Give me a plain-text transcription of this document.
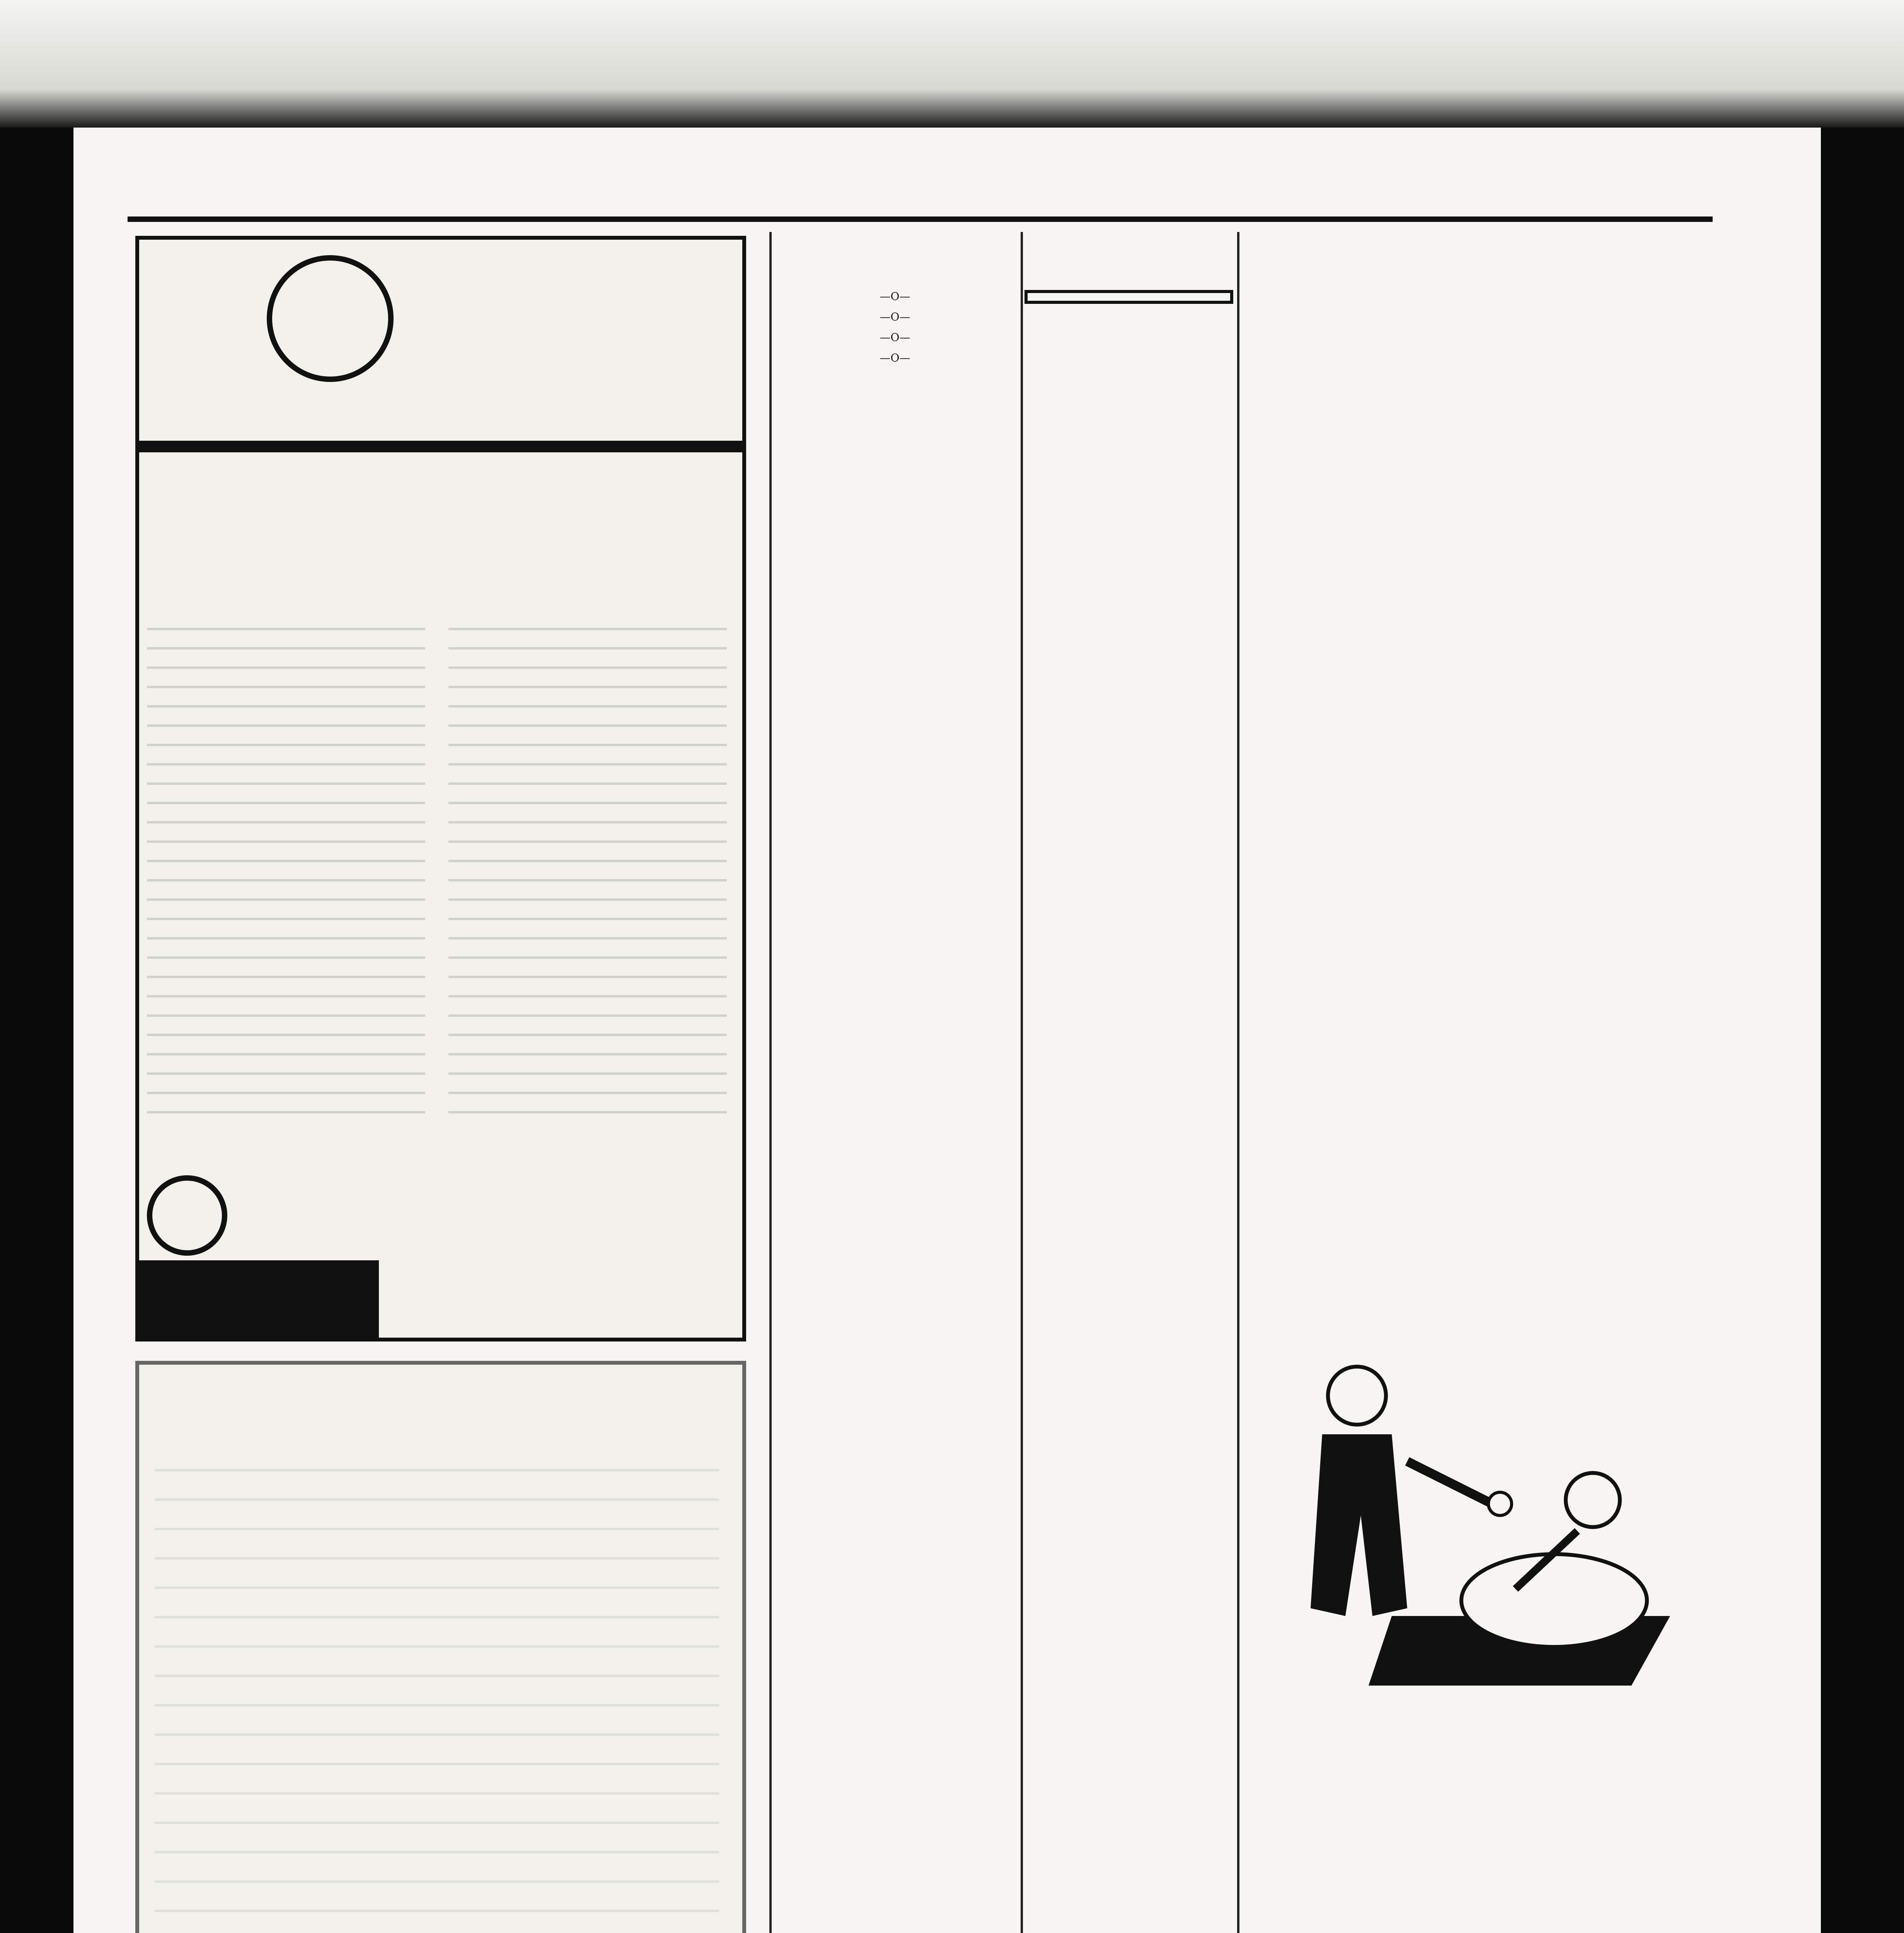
—O—
—O—
—O—
—O—
